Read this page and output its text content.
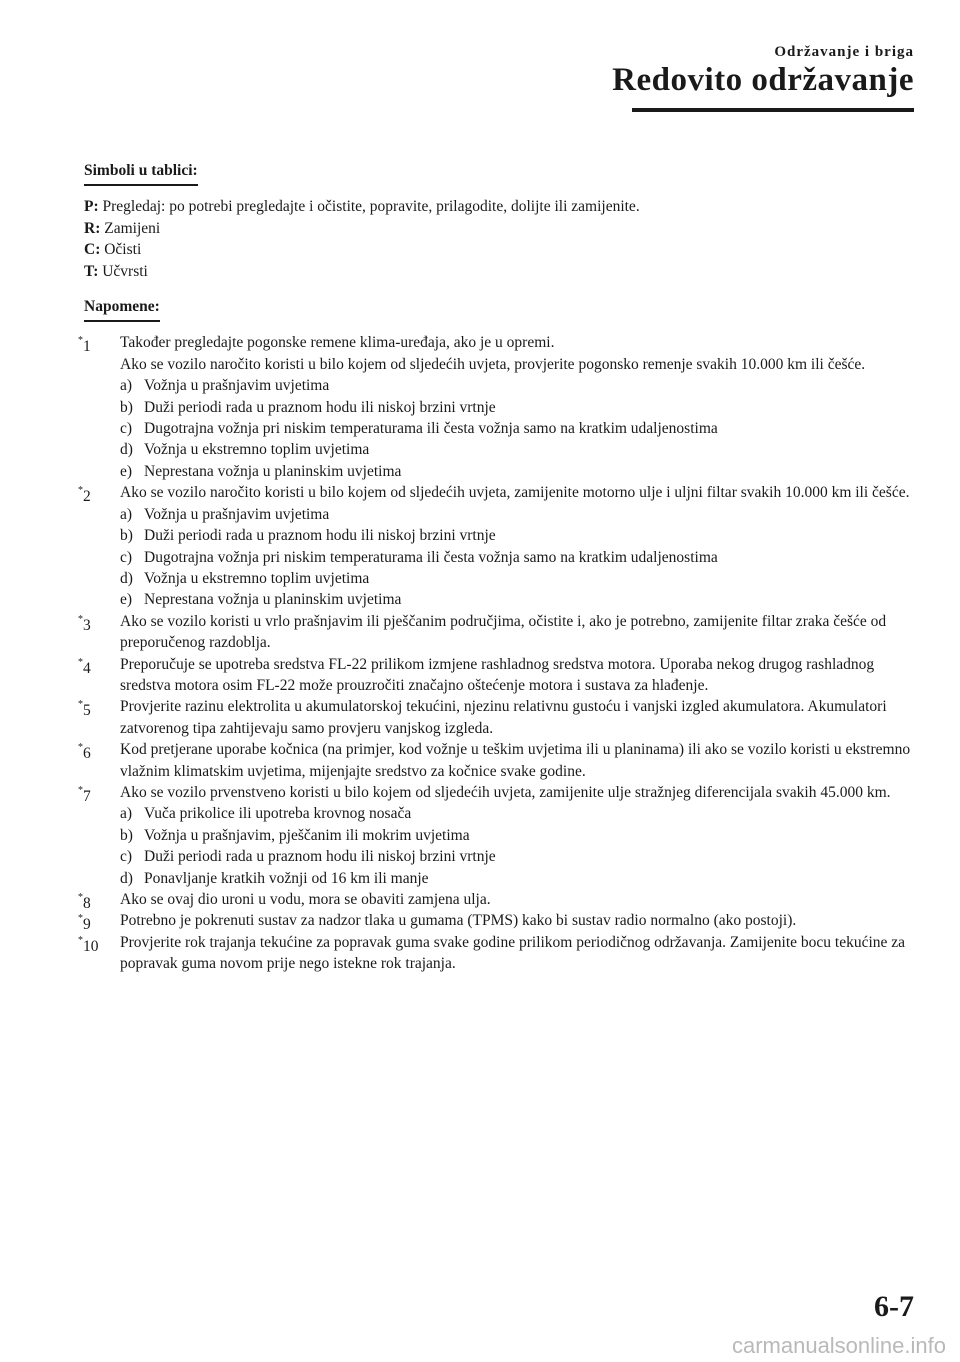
Održavanje i briga
Redovito održavanje
Simboli u tablici:

P: Pregledaj: po potrebi pregledajte i očistite, popravite, prilagodite, dolijte ili zamijenite.

R: Zamijeni

C: Očisti

T: Učvrsti

Napomene:
*1	Također pregledajte pogonske remene klima-uređaja, ako je u opremi.
Ako se vozilo naročito koristi u bilo kojem od sljedećih uvjeta, provjerite pogonsko remenje svakih 10.000 km ili češće.
a) Vožnja u prašnjavim uvjetima
b) Duži periodi rada u praznom hodu ili niskoj brzini vrtnje
c) Dugotrajna vožnja pri niskim temperaturama ili česta vožnja samo na kratkim udaljenostima
d) Vožnja u ekstremno toplim uvjetima
e) Neprestana vožnja u planinskim uvjetima
*2	Ako se vozilo naročito koristi u bilo kojem od sljedećih uvjeta, zamijenite motorno ulje i uljni filtar svakih 10.000 km ili češće.
a) Vožnja u prašnjavim uvjetima
b) Duži periodi rada u praznom hodu ili niskoj brzini vrtnje
c) Dugotrajna vožnja pri niskim temperaturama ili česta vožnja samo na kratkim udaljenostima
d) Vožnja u ekstremno toplim uvjetima
e) Neprestana vožnja u planinskim uvjetima
*3	Ako se vozilo koristi u vrlo prašnjavim ili pješčanim područjima, očistite i, ako je potrebno, zamijenite filtar zraka češće od preporučenog razdoblja.
*4	Preporučuje se upotreba sredstva FL-22 prilikom izmjene rashladnog sredstva motora. Uporaba nekog drugog rashladnog sredstva motora osim FL-22 može prouzročiti značajno oštećenje motora i sustava za hlađenje.
*5	Provjerite razinu elektrolita u akumulatorskoj tekućini, njezinu relativnu gustoću i vanjski izgled akumulatora. Akumulatori zatvorenog tipa zahtijevaju samo provjeru vanjskog izgleda.
*6	Kod pretjerane uporabe kočnica (na primjer, kod vožnje u teškim uvjetima ili u planinama) ili ako se vozilo koristi u ekstremno vlažnim klimatskim uvjetima, mijenjajte sredstvo za kočnice svake godine.
*7	Ako se vozilo prvenstveno koristi u bilo kojem od sljedećih uvjeta, zamijenite ulje stražnjeg diferencijala svakih 45.000 km.
a) Vuča prikolice ili upotreba krovnog nosača
b) Vožnja u prašnjavim, pješčanim ili mokrim uvjetima
c) Duži periodi rada u praznom hodu ili niskoj brzini vrtnje
d) Ponavljanje kratkih vožnji od 16 km ili manje
*8	Ako se ovaj dio uroni u vodu, mora se obaviti zamjena ulja.
*9	Potrebno je pokrenuti sustav za nadzor tlaka u gumama (TPMS) kako bi sustav radio normalno (ako postoji).
*10	Provjerite rok trajanja tekućine za popravak guma svake godine prilikom periodičnog održavanja. Zamijenite bocu tekućine za popravak guma novom prije nego istekne rok trajanja.
6-7
carmanualsonline.info
